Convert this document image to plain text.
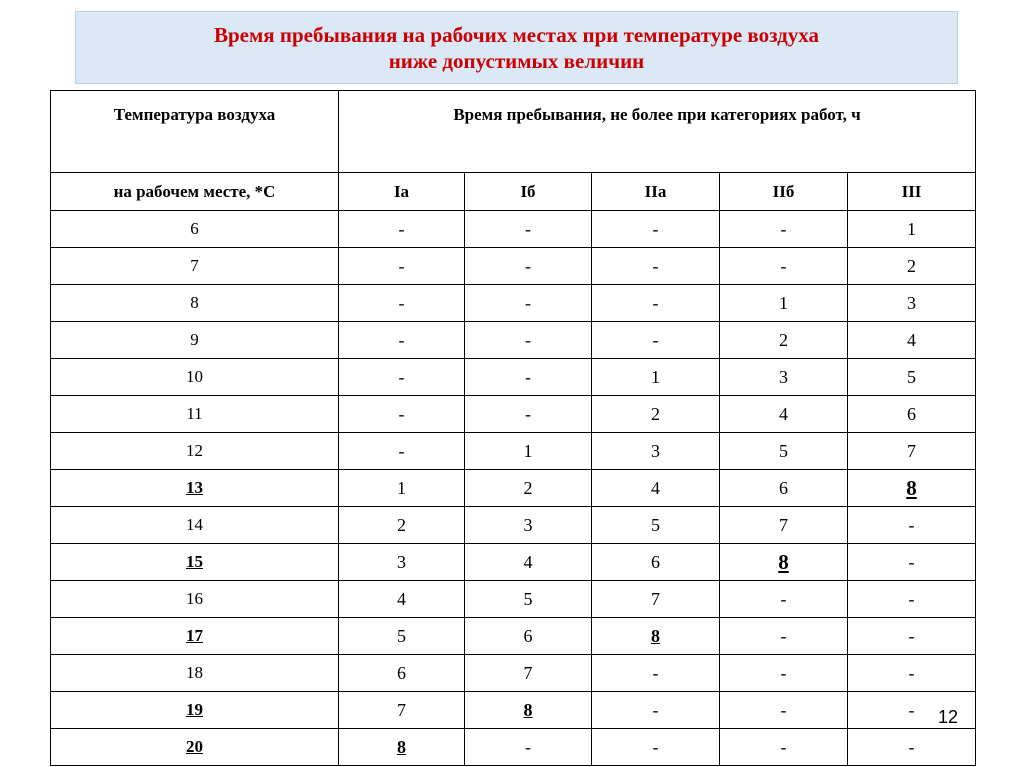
Время пребывания на рабочих местах при температуре воздуха
ниже допустимых величин
Температура воздуха	Время пребывания, не более при категориях работ, ч				
на рабочем месте, *С	Iа	Iб	IIа	IIб	III
6	-	-	-	-	1
7	-	-	-	-	2
8	-	-	-	1	3
9	-	-	-	2	4
10	-	-	1	3	5
11	-	-	2	4	6
12	-	1	3	5	7
13	1	2	4	6	8
14	2	3	5	7	-
15	3	4	6	8	-
16	4	5	7	-	-
17	5	6	8	-	-
18	6	7	-	-	-
19	7	8	-	-	-
20	8	-	-	-	-
12
